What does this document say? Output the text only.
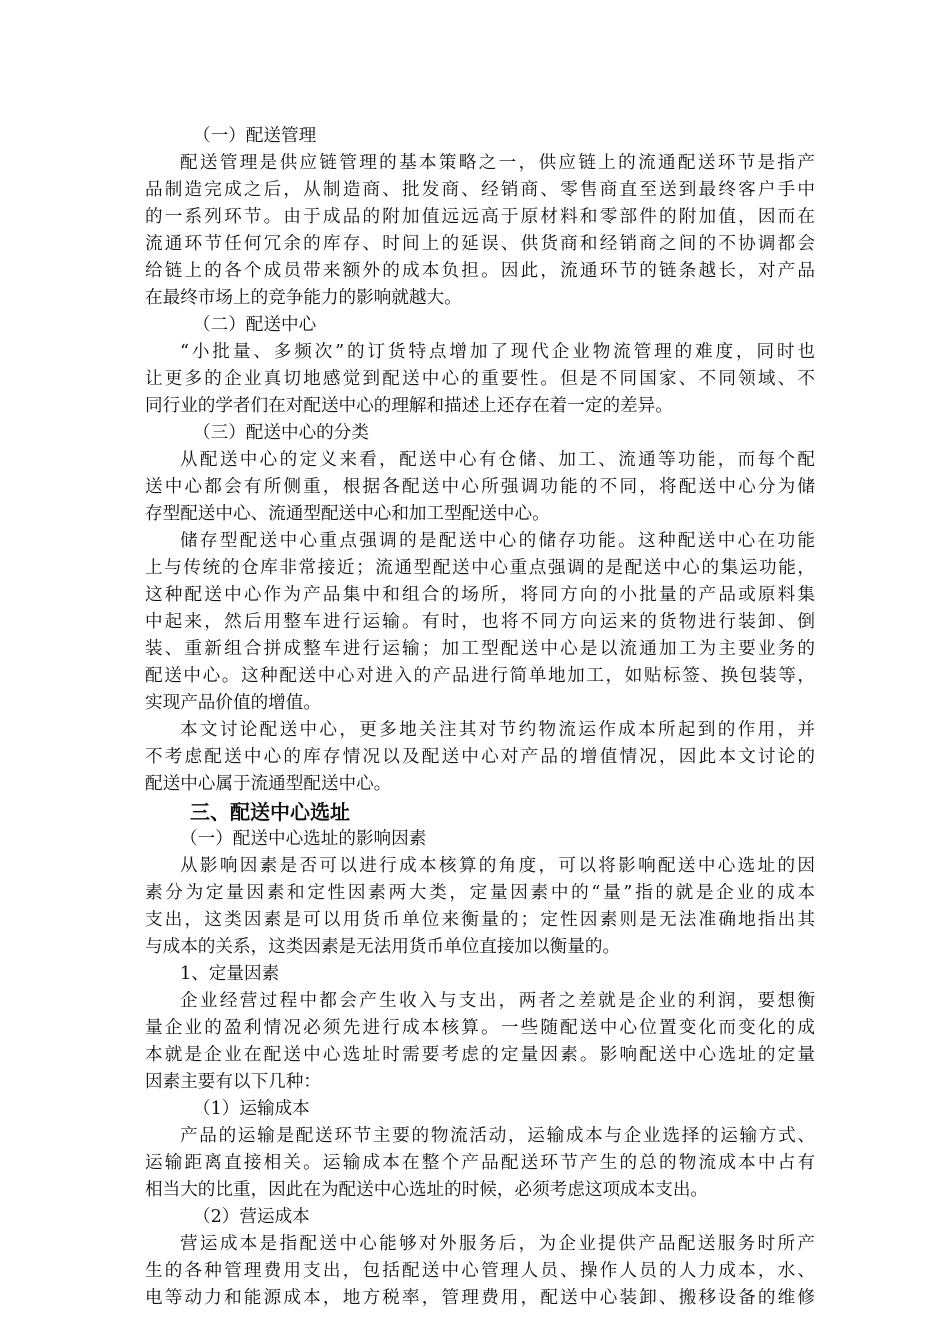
（一）配送管理
配送管理是供应链管理的基本策略之一，供应链上的流通配送环节是指产
品制造完成之后，从制造商、批发商、经销商、零售商直至送到最终客户手中
的一系列环节。由于成品的附加值远远高于原材料和零部件的附加值，因而在
流通环节任何冗余的库存、时间上的延误、供货商和经销商之间的不协调都会
给链上的各个成员带来额外的成本负担。因此，流通环节的链条越长，对产品
在最终市场上的竞争能力的影响就越大。
（二）配送中心
“小批量、多频次”的订货特点增加了现代企业物流管理的难度，同时也
让更多的企业真切地感觉到配送中心的重要性。但是不同国家、不同领域、不
同行业的学者们在对配送中心的理解和描述上还存在着一定的差异。
（三）配送中心的分类
从配送中心的定义来看，配送中心有仓储、加工、流通等功能，而每个配
送中心都会有所侧重，根据各配送中心所强调功能的不同，将配送中心分为储
存型配送中心、流通型配送中心和加工型配送中心。
储存型配送中心重点强调的是配送中心的储存功能。这种配送中心在功能
上与传统的仓库非常接近；流通型配送中心重点强调的是配送中心的集运功能，
这种配送中心作为产品集中和组合的场所，将同方向的小批量的产品或原料集
中起来，然后用整车进行运输。有时，也将不同方向运来的货物进行装卸、倒
装、重新组合拼成整车进行运输；加工型配送中心是以流通加工为主要业务的
配送中心。这种配送中心对进入的产品进行简单地加工，如贴标签、换包装等，
实现产品价值的增值。
本文讨论配送中心，更多地关注其对节约物流运作成本所起到的作用，并
不考虑配送中心的库存情况以及配送中心对产品的增值情况，因此本文讨论的
配送中心属于流通型配送中心。
三、配送中心选址
（一）配送中心选址的影响因素
从影响因素是否可以进行成本核算的角度，可以将影响配送中心选址的因
素分为定量因素和定性因素两大类，定量因素中的“量”指的就是企业的成本
支出，这类因素是可以用货币单位来衡量的；定性因素则是无法准确地指出其
与成本的关系，这类因素是无法用货币单位直接加以衡量的。
1、定量因素
企业经营过程中都会产生收入与支出，两者之差就是企业的利润，要想衡
量企业的盈利情况必须先进行成本核算。一些随配送中心位置变化而变化的成
本就是企业在配送中心选址时需要考虑的定量因素。影响配送中心选址的定量
因素主要有以下几种：
（1）运输成本
产品的运输是配送环节主要的物流活动，运输成本与企业选择的运输方式、
运输距离直接相关。运输成本在整个产品配送环节产生的总的物流成本中占有
相当大的比重，因此在为配送中心选址的时候，必须考虑这项成本支出。
（2）营运成本
营运成本是指配送中心能够对外服务后，为企业提供产品配送服务时所产
生的各种管理费用支出，包括配送中心管理人员、操作人员的人力成本，水、
电等动力和能源成本，地方税率，管理费用，配送中心装卸、搬移设备的维修
